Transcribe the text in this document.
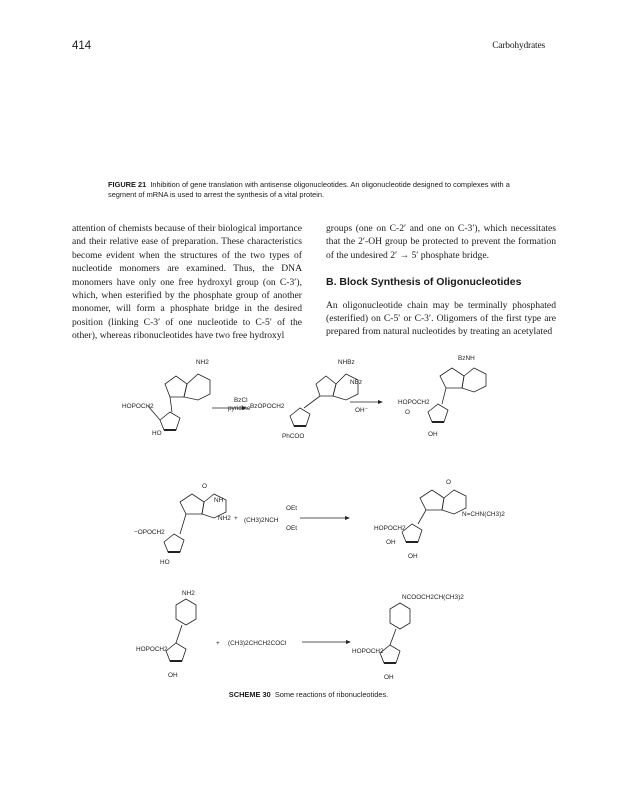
414	Carbohydrates
FIGURE 21 Inhibition of gene translation with antisense oligonucleotides. An oligonucleotide designed to complexes with a segment of mRNA is used to arrest the synthesis of a vital protein.

attention of chemists because of their biological importance and their relative ease of preparation. These characteristics become evident when the structures of the two types of nucleotide monomers are examined. Thus, the DNA monomers have only one free hydroxyl group (on C-3′), which, when esterified by the phosphate group of another monomer, will form a phosphate bridge in the desired position (linking C-3′ of one nucleotide to C-5′ of the other), whereas ribonucleotides have two free hydroxyl

groups (one on C-2′ and one on C-3′), which necessitates that the 2′-OH group be protected to prevent the formation of the undesired 2′ → 5′ phosphate bridge.

B. Block Synthesis of Oligonucleotides

An oligonucleotide chain may be terminally phosphated (esterified) on C-5′ or C-3′. Oligomers of the first type are prepared from natural nucleotides by treating an acetylated

NH2
HOPOCH2
HO
BzCl
pyridine
NHBz
NBz
BzOPOCH2
PhCOO
OH⁻
BzNH
HOPOCH2
O
OH
O
NH
NH2 + (CH3)2NCH
OEt
OEt
−OPOCH2
HO
O
N=CHN(CH3)2
HOPOCH2
OH
OH
NH2
HOPOCH2
OH
+ (CH3)2CHCH2COCl
NCOOCH2CH(CH3)2
HOPOCH2
OH
SCHEME 30 Some reactions of ribonucleotides.
